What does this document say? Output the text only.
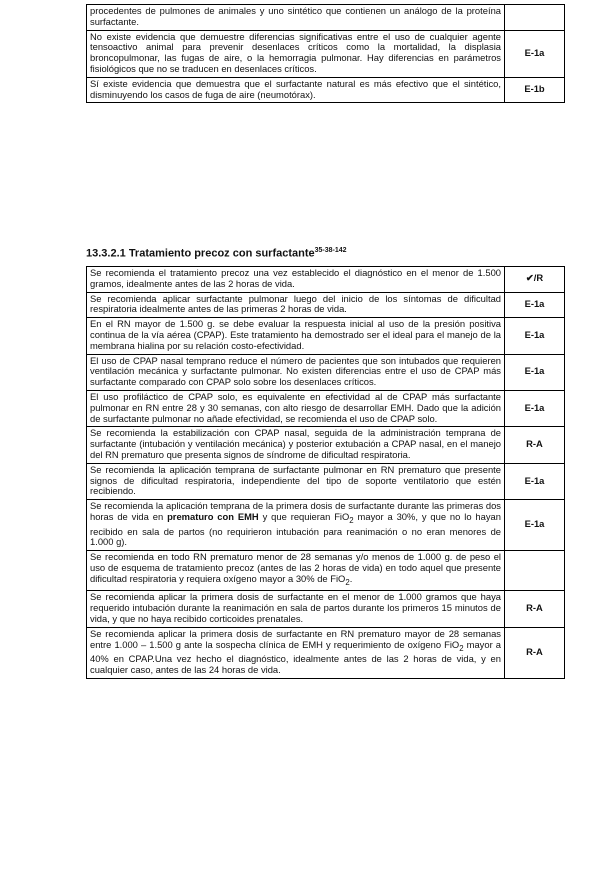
procedentes de pulmones de animales y uno sintético que contienen un análogo de la proteína surfactante.	
No existe evidencia que demuestre diferencias significativas entre el uso de cualquier agente tensoactivo animal para prevenir desenlaces críticos como la mortalidad, la displasia broncopulmonar, las fugas de aire, o la hemorragia pulmonar. Hay diferencias en parámetros fisiológicos que no se traducen en desenlaces críticos.	E-1a
Sí existe evidencia que demuestra que el surfactante natural es más efectivo que el sintético, disminuyendo los casos de fuga de aire (neumotórax).	E-1b
13.3.2.1 Tratamiento precoz con surfactante$^{35-38-142}$
Se recomienda el tratamiento precoz una vez establecido el diagnóstico en el menor de 1.500 gramos, idealmente antes de las 2 horas de vida.	✔/R
Se recomienda aplicar surfactante pulmonar luego del inicio de los síntomas de dificultad respiratoria idealmente antes de las primeras 2 horas de vida.	E-1a
En el RN mayor de 1.500 g. se debe evaluar la respuesta inicial al uso de la presión positiva continua de la vía aérea (CPAP). Este tratamiento ha demostrado ser el ideal para el manejo de la membrana hialina por su relación costo-efectividad.	E-1a
El uso de CPAP nasal temprano reduce el número de pacientes que son intubados que requieren ventilación mecánica y surfactante pulmonar. No existen diferencias entre el uso de CPAP más surfactante comparado con CPAP solo sobre los desenlaces críticos.	E-1a
El uso profiláctico de CPAP solo, es equivalente en efectividad al de CPAP más surfactante pulmonar en RN entre 28 y 30 semanas, con alto riesgo de desarrollar EMH. Dado que la adición de surfactante pulmonar no añade efectividad, se recomienda el uso de CPAP solo.	E-1a
Se recomienda la estabilización con CPAP nasal, seguida de la administración temprana de surfactante (intubación y ventilación mecánica) y posterior extubación a CPAP nasal, en el manejo del RN prematuro que presenta signos de síndrome de dificultad respiratoria.	R-A
Se recomienda la aplicación temprana de surfactante pulmonar en RN prematuro que presente signos de dificultad respiratoria, independiente del tipo de soporte ventilatorio que estén recibiendo.	E-1a
Se recomienda la aplicación temprana de la primera dosis de surfactante durante las primeras dos horas de vida en prematuro con EMH y que requieran FiO$_2$ mayor a 30%, y que no lo hayan recibido en sala de partos (no requirieron intubación para reanimación o no eran menores de 1.000 g).	E-1a
Se recomienda en todo RN prematuro menor de 28 semanas y/o menos de 1.000 g. de peso el uso de esquema de tratamiento precoz (antes de las 2 horas de vida) en todo aquel que presente dificultad respiratoria y requiera oxígeno mayor a 30% de FiO$_2$.	
Se recomienda aplicar la primera dosis de surfactante en el menor de 1.000 gramos que haya requerido intubación durante la reanimación en sala de partos durante los primeros 15 minutos de vida, y que no haya recibido corticoides prenatales.	R-A
Se recomienda aplicar la primera dosis de surfactante en RN prematuro mayor de 28 semanas entre 1.000 – 1.500 g ante la sospecha clínica de EMH y requerimiento de oxígeno FiO$_2$ mayor a 40% en CPAP.Una vez hecho el diagnóstico, idealmente antes de las 2 horas de vida, y en cualquier caso, antes de las 24 horas de vida.	R-A
